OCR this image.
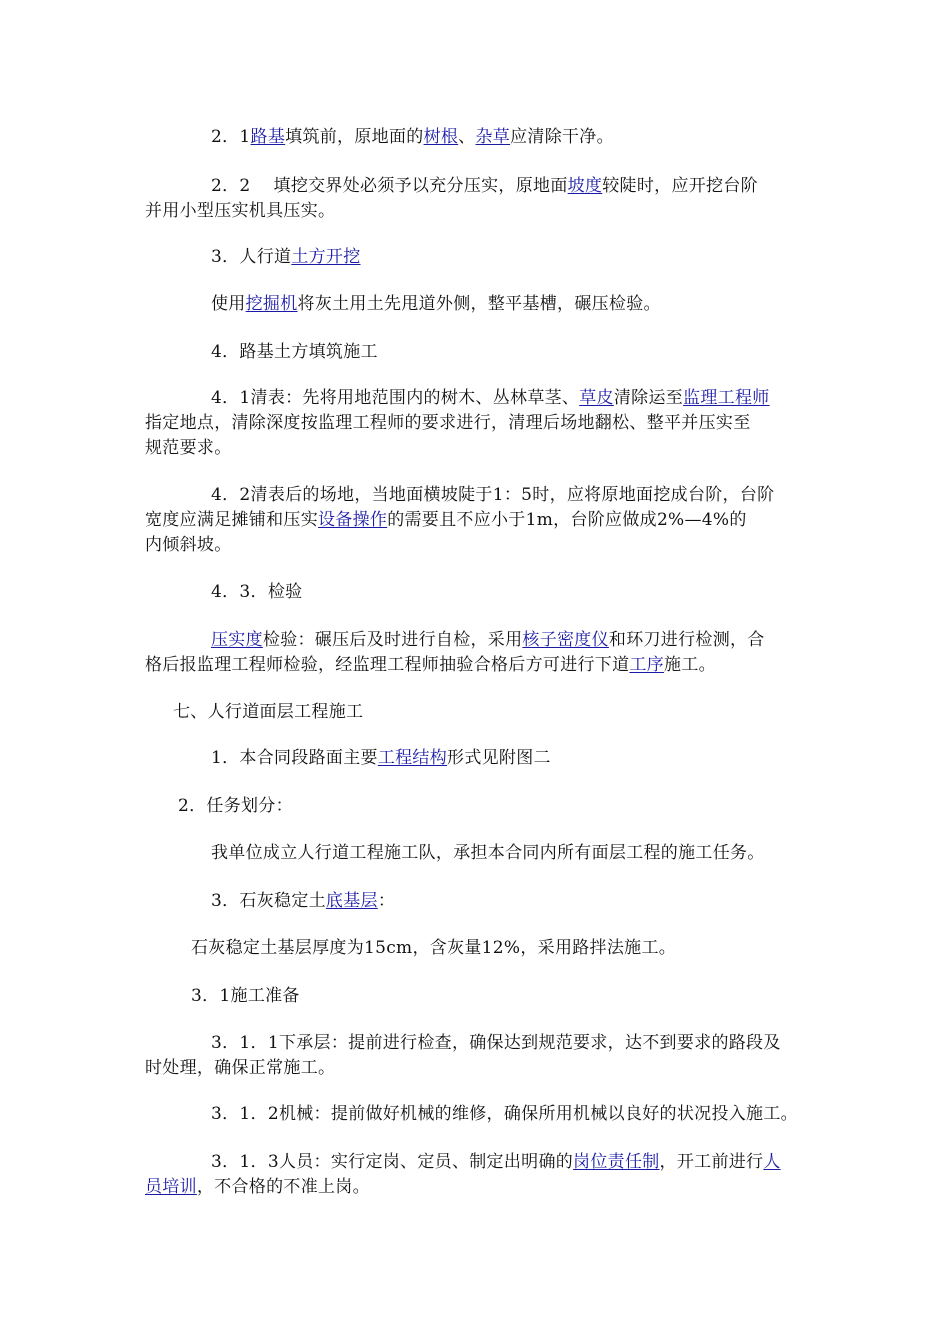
2．1路基填筑前，原地面的树根、杂草应清除干净。
2．2　 填挖交界处必须予以充分压实，原地面坡度较陡时，应开挖台阶
并用小型压实机具压实。
3．人行道土方开挖
使用挖掘机将灰土用土先甩道外侧，整平基槽，碾压检验。
4．路基土方填筑施工
4．1清表：先将用地范围内的树木、丛林草茎、草皮清除运至监理工程师
指定地点，清除深度按监理工程师的要求进行，清理后场地翻松、整平并压实至
规范要求。
4．2清表后的场地，当地面横坡陡于1：5时，应将原地面挖成台阶，台阶
宽度应满足摊铺和压实设备操作的需要且不应小于1m，台阶应做成2%—4%的
内倾斜坡。
4．3．检验
压实度检验：碾压后及时进行自检，采用核子密度仪和环刀进行检测，合
格后报监理工程师检验，经监理工程师抽验合格后方可进行下道工序施工。
七、人行道面层工程施工
1．本合同段路面主要工程结构形式见附图二
2．任务划分：
我单位成立人行道工程施工队，承担本合同内所有面层工程的施工任务。
3．石灰稳定土底基层：
石灰稳定土基层厚度为15cm，含灰量12%，采用路拌法施工。
3．1施工准备
3．1．1下承层：提前进行检查，确保达到规范要求，达不到要求的路段及
时处理，确保正常施工。
3．1．2机械：提前做好机械的维修，确保所用机械以良好的状况投入施工。
3．1．3人员：实行定岗、定员、制定出明确的岗位责任制，开工前进行人
员培训，不合格的不准上岗。
